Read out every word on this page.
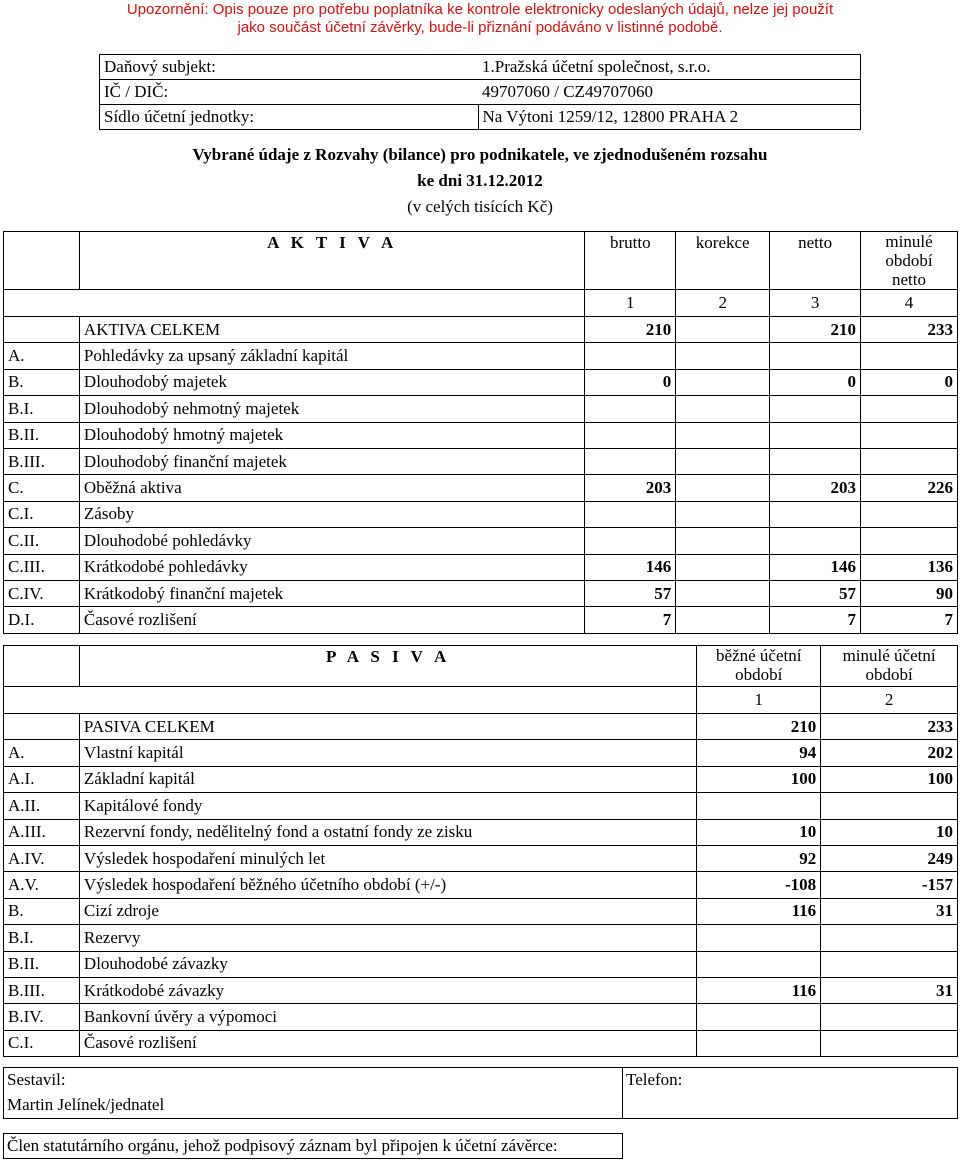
Upozornění: Opis pouze pro potřebu poplatníka ke kontrole elektronicky odeslaných údajů, nelze jej použít
jako součást účetní závěrky, bude-li přiznání podáváno v listinné podobě.
Daňový subjekt:	1.Pražská účetní společnost, s.r.o.
IČ / DIČ:	49707060 / CZ49707060
Sídlo účetní jednotky:	Na Výtoni 1259/12, 12800 PRAHA 2
Vybrané údaje z Rozvahy (bilance) pro podnikatele, ve zjednodušeném rozsahu
ke dni 31.12.2012
(v celých tisících Kč)
	A K T I V A	brutto	korekce	netto	minulé
období
netto
		1	2	3	4
	AKTIVA CELKEM	210		210	233
A.	Pohledávky za upsaný základní kapitál				
B.	Dlouhodobý majetek	0		0	0
B.I.	Dlouhodobý nehmotný majetek				
B.II.	Dlouhodobý hmotný majetek				
B.III.	Dlouhodobý finanční majetek				
C.	Oběžná aktiva	203		203	226
C.I.	Zásoby				
C.II.	Dlouhodobé pohledávky				
C.III.	Krátkodobé pohledávky	146		146	136
C.IV.	Krátkodobý finanční majetek	57		57	90
D.I.	Časové rozlišení	7		7	7
	P A S I V A	běžné účetní
období	minulé účetní
období
		1	2
	PASIVA CELKEM	210	233
A.	Vlastní kapitál	94	202
A.I.	Základní kapitál	100	100
A.II.	Kapitálové fondy		
A.III.	Rezervní fondy, nedělitelný fond a ostatní fondy ze zisku	10	10
A.IV.	Výsledek hospodaření minulých let	92	249
A.V.	Výsledek hospodaření běžného účetního období (+/-)	-108	-157
B.	Cizí zdroje	116	31
B.I.	Rezervy		
B.II.	Dlouhodobé závazky		
B.III.	Krátkodobé závazky	116	31
B.IV.	Bankovní úvěry a výpomoci		
C.I.	Časové rozlišení		
Sestavil:
Martin Jelínek/jednatel
Telefon:
Člen statutárního orgánu, jehož podpisový záznam byl připojen k účetní závěrce:
